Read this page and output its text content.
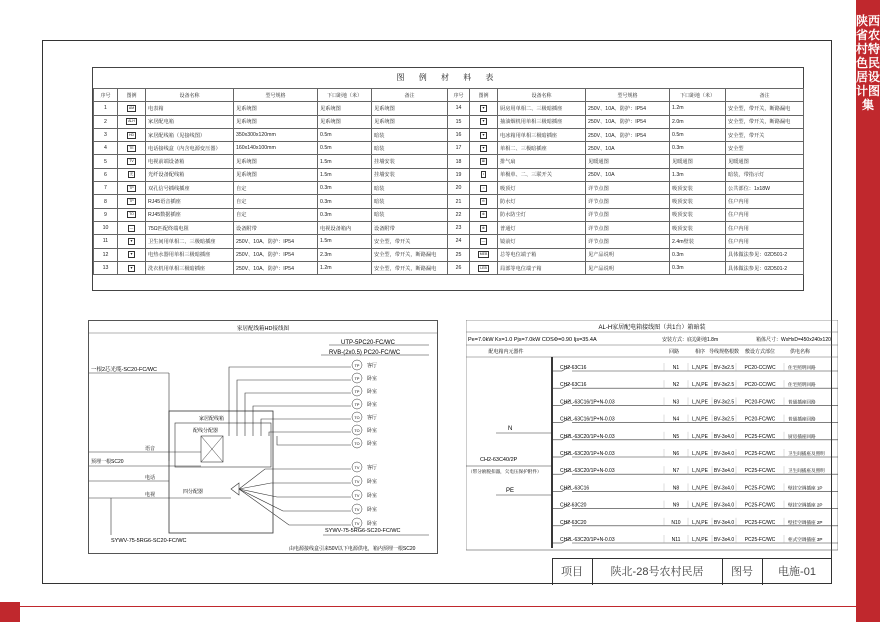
陕西省农村特色民居设计图集
图 例 材 料 表
序号	图例	设备名称	型号规格	下口距地（米）	备注	序号	图例	设备名称	型号规格	下口距地（米）	备注
1	AM	电表箱	见系统图	见系统图	见系统图	14	▼	厨房用单相二、三极暗插座	250V、10A、防护：IP54	1.2m	安全型，带开关，断路漏电
2	ALH	家居配电箱	见系统图	见系统图	见系统图	15	▼	抽油烟机用单相三极暗插座	250V、10A、防护：IP54	2.0m	安全型，带开关，断路漏电
3	HD	家居配线箱（见接线图）	350x300x120mm	0.5m	暗装	16	▼	电冰箱用单相三极暗插座	250V、10A、防护：IP54	0.5m	安全型，带开关
4	TE	电话接线盒（内含电源变压器）	160x140x100mm	0.5m	暗装	17	▼	单相二、三极暗插座	250V、10A	0.3m	安全型
5	TV	电视前端设备箱	见系统图	1.5m	挂墙安装	18	⊠	排气扇	见暖通图	见暖通图	见暖通图
6	光	光纤设备配线箱	见系统图	1.5m	挂墙安装	19	•	单极单、二、三联开关	250V、10A	1.3m	暗装，带指示灯
7	TP	双孔信号插线插座	自定	0.3m	暗装	20	○	吸顶灯	详节点图	吸顶安装	公共部位：1x18W
8	TP	RJ45语音插座	自定	0.3m	暗装	21	⊖	防水灯	详节点图	吸顶安装	住户内用
9	TO	RJ45数据插座	自定	0.3m	暗装	22	⊛	防水防尘灯	详节点图	吸顶安装	住户内用
10	—	75Ω匹配终端电阻	设备附带	电视设备箱内	设备附带	23	⊗	普通灯	详节点图	吸顶安装	住户内用
11	▼	卫生间用单相二、三极暗插座	250V、10A、防护：IP54	1.5m	安全型，带开关	24	—	镜前灯	详节点图	2.4m壁装	住户内用
12	▼	电热水器用单相三极暗插座	250V、10A、防护：IP54	2.3m	安全型，带开关，断路漏电	25	MEB	总等电位端子箱	见产品说明	0.3m	具体做法参见：02D501-2
13	▼	洗衣机用单相三极暗插座	250V、10A、防护：IP54	1.2m	安全型，带开关，断路漏电	26	LEB	局部等电位端子箱	见产品说明	0.3m	具体做法参见：02D501-2
家居配线箱HD接线图
UTP-5PC20-FC/WC
RVB-(2x0.5) PC20-FC/WC
一根2芯光缆-SC20-FC/WC
家居配线箱
配线分配器
四分配器
语音
预埋一根SC20
电话
电视
SYWV-75-5RG6-SC20-FC/WC
TP 客厅
TP 卧室
TP 卧室
TP 卧室
TO 客厅
TO 卧室
TO 卧室
TV 客厅
TV 卧室
TV 卧室
TV 卧室
TV 卧室
SYWV-75-5RG6-SC20-FC/WC
由电源接线盒引来50V以下电源供电，箱内预埋一根SC20
AL-H家居配电箱接线图（共1台）箱暗装
Pe=7.0kW Kx=1.0 Pjs=7.0kW COSΦ=0.90 Ijs=35.4A	安装方式：底边距地1.8m	箱体尺寸：WxHxD=450x240x120
配电箱内元器件	回路	相序 导线规格根数 敷设方式部位	供电名称
CH2-63C40/2P
（带分励脱扣器，欠电压保护附件）
N
PE
CH2-63C16	N1	L,N,PE BV-3x2.5 PC20-CC/WC	住宅照明回路
CH2-63C16	N2	L,N,PE BV-3x2.5 PC20-CC/WC	住宅照明回路
CH2L-63C16/1P+N-0.03	N3	L,N,PE BV-3x2.5 PC20-FC/WC	普通插座回路
CH2L-63C16/1P+N-0.03	N4	L,N,PE BV-3x2.5 PC20-FC/WC	普通插座回路
CH2L-63C20/1P+N-0.03	N5	L,N,PE BV-3x4.0 PC25-FC/WC	厨房插座回路
CH2L-63C20/1P+N-0.03	N6	L,N,PE BV-3x4.0 PC25-FC/WC	卫生间插座及照明
CH2L-63C20/1P+N-0.03	N7	L,N,PE BV-3x4.0 PC25-FC/WC	卫生间插座及照明
CH2L-63C16	N8	L,N,PE BV-3x4.0 PC25-FC/WC	壁挂空调插座 1P
CH2-63C20	N9	L,N,PE BV-3x4.0 PC25-FC/WC	壁挂空调插座 2P
CH2-63C20	N10 L,N,PE BV-3x4.0 PC25-FC/WC	壁挂空调插座 2P
CH2L-63C20/1P+N-0.03	N11 L,N,PE BV-3x4.0 PC25-FC/WC	柜式空调插座 3P
项目	陕北-28号农村民居	图号	电施-01
